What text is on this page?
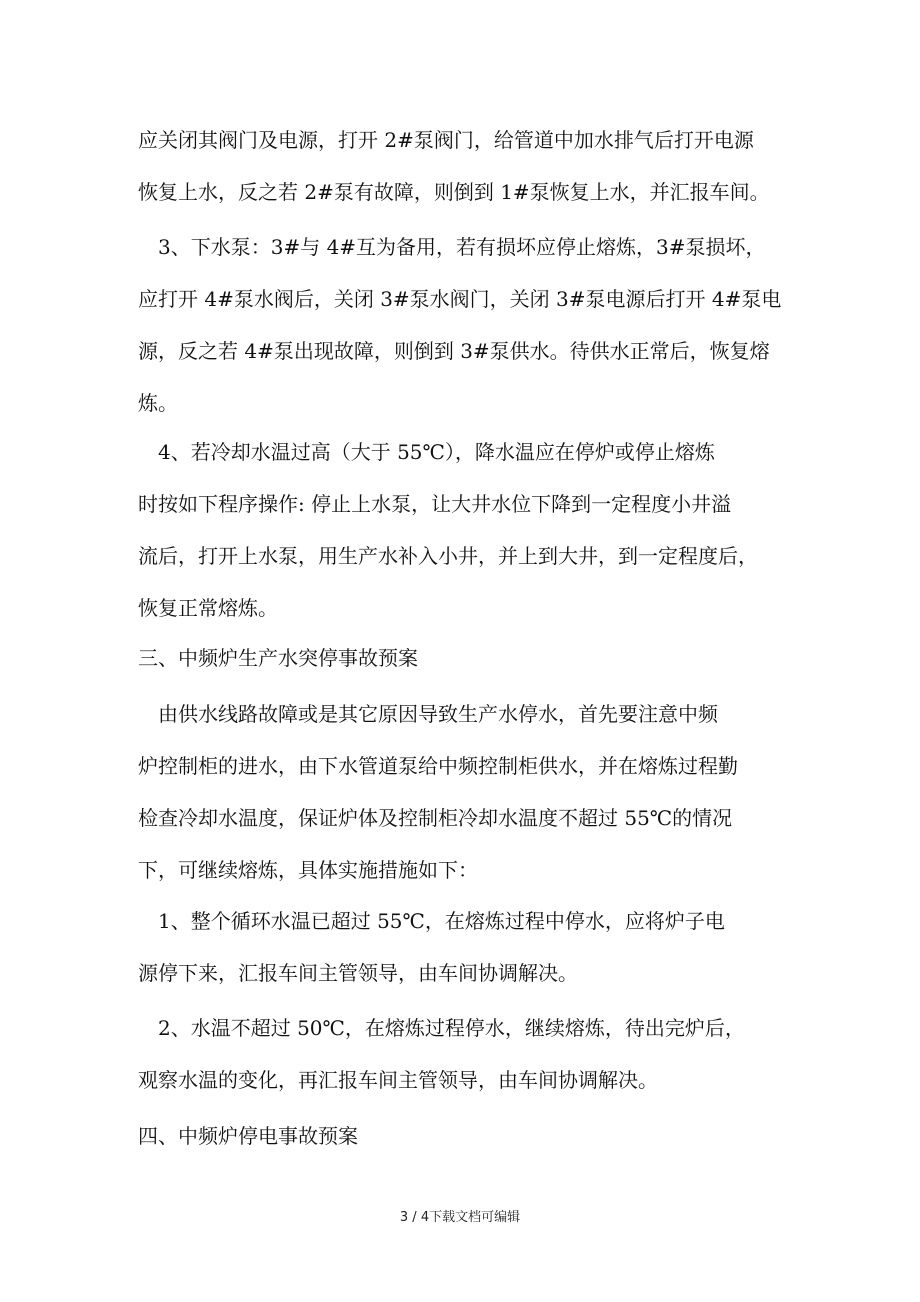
应关闭其阀门及电源，打开 2#泵阀门，给管道中加水排气后打开电源
恢复上水，反之若 2#泵有故障，则倒到 1#泵恢复上水，并汇报车间。
　3、下水泵：3#与 4#互为备用，若有损坏应停止熔炼，3#泵损坏，
应打开 4#泵水阀后，关闭 3#泵水阀门，关闭 3#泵电源后打开 4#泵电
源，反之若 4#泵出现故障，则倒到 3#泵供水。待供水正常后，恢复熔
炼。
　4、若冷却水温过高（大于 55℃），降水温应在停炉或停止熔炼
时按如下程序操作: 停止上水泵，让大井水位下降到一定程度小井溢
流后，打开上水泵，用生产水补入小井，并上到大井，到一定程度后，
恢复正常熔炼。
三、中频炉生产水突停事故预案
　由供水线路故障或是其它原因导致生产水停水，首先要注意中频
炉控制柜的进水，由下水管道泵给中频控制柜供水，并在熔炼过程勤
检查冷却水温度，保证炉体及控制柜冷却水温度不超过 55℃的情况
下，可继续熔炼，具体实施措施如下：
　1、整个循环水温已超过 55℃，在熔炼过程中停水，应将炉子电
源停下来，汇报车间主管领导，由车间协调解决。
　2、水温不超过 50℃，在熔炼过程停水，继续熔炼，待出完炉后，
观察水温的变化，再汇报车间主管领导，由车间协调解决。
四、中频炉停电事故预案
3 / 4下载文档可编辑
